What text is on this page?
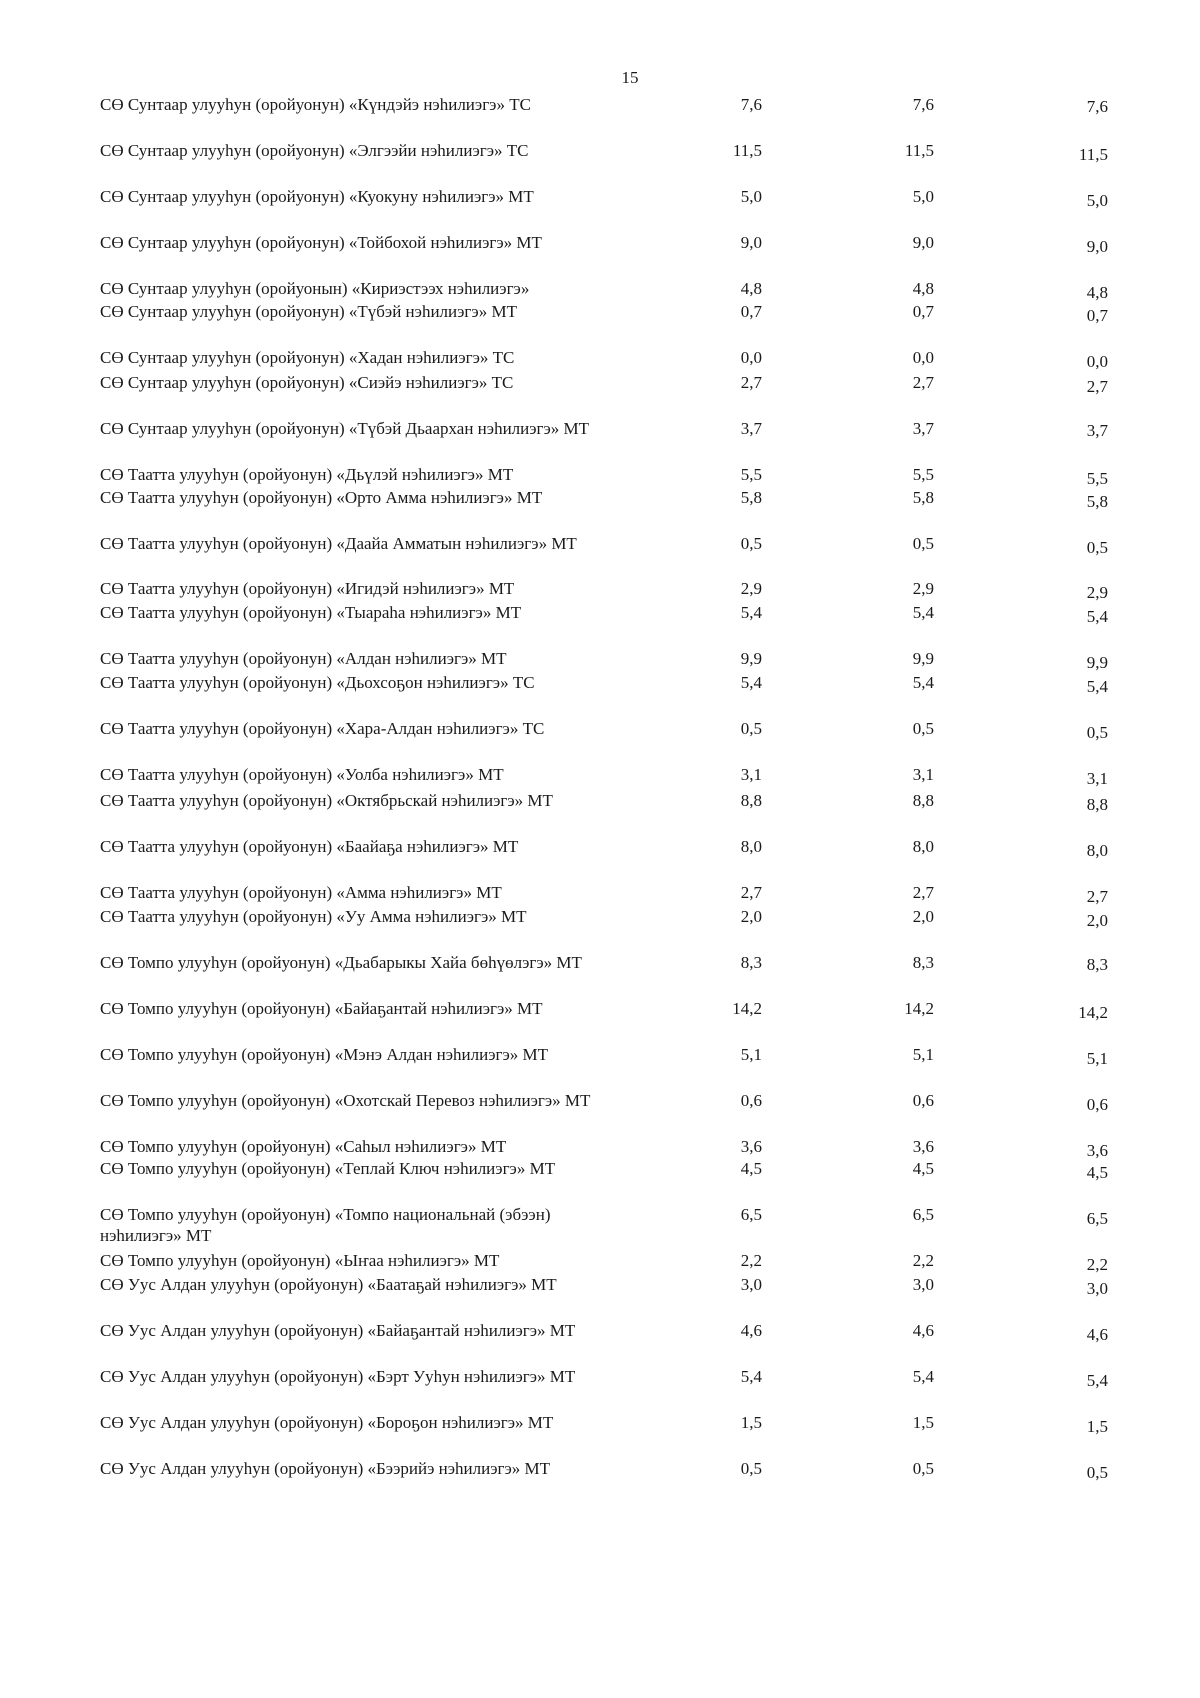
15
СӨ Сунтаар улууһун (оройуонун) «Күндэйэ нэһилиэгэ» ТС	7,6	7,6	7,6
СӨ Сунтаар улууһун (оройуонун) «Элгээйи нэһилиэгэ» ТС	11,5	11,5	11,5
СӨ Сунтаар улууһун (оройуонун) «Куокуну нэһилиэгэ» МТ	5,0	5,0	5,0
СӨ Сунтаар улууһун (оройуонун) «Тойбохой нэһилиэгэ» МТ	9,0	9,0	9,0
СӨ Сунтаар улууһун (оройуонын) «Кириэстээх нэһилиэгэ»	4,8	4,8	4,8
СӨ Сунтаар улууһун (оройуонун) «Түбэй нэһилиэгэ» МТ	0,7	0,7	0,7
СӨ Сунтаар улууһун (оройуонун) «Хадан нэһилиэгэ» ТС	0,0	0,0	0,0
СӨ Сунтаар улууһун (оройуонун) «Сиэйэ нэһилиэгэ» ТС	2,7	2,7	2,7
СӨ Сунтаар улууһун (оройуонун) «Түбэй Дьаархан нэһилиэгэ» МТ	3,7	3,7	3,7
СӨ Таатта улууһун (оройуонун) «Дьүлэй нэһилиэгэ» МТ	5,5	5,5	5,5
СӨ Таатта улууһун (оройуонун) «Орто Амма нэһилиэгэ» МТ	5,8	5,8	5,8
СӨ Таатта улууһун (оройуонун) «Даайа Амматын нэһилиэгэ» МТ	0,5	0,5	0,5
СӨ Таатта улууһун (оройуонун) «Игидэй нэһилиэгэ» МТ	2,9	2,9	2,9
СӨ Таатта улууһун (оройуонун) «Тыараһа нэһилиэгэ» МТ	5,4	5,4	5,4
СӨ Таатта улууһун (оройуонун) «Алдан нэһилиэгэ» МТ	9,9	9,9	9,9
СӨ Таатта улууһун (оройуонун) «Дьохсоҕон нэһилиэгэ» ТС	5,4	5,4	5,4
СӨ Таатта улууһун (оройуонун) «Хара-Алдан нэһилиэгэ» ТС	0,5	0,5	0,5
СӨ Таатта улууһун (оройуонун) «Уолба нэһилиэгэ» МТ	3,1	3,1	3,1
СӨ Таатта улууһун (оройуонун) «Октябрьскай нэһилиэгэ» МТ	8,8	8,8	8,8
СӨ Таатта улууһун (оройуонун) «Баайаҕа нэһилиэгэ» МТ	8,0	8,0	8,0
СӨ Таатта улууһун (оройуонун) «Амма нэһилиэгэ» МТ	2,7	2,7	2,7
СӨ Таатта улууһун (оройуонун) «Уу Амма нэһилиэгэ» МТ	2,0	2,0	2,0
СӨ Томпо улууһун (оройуонун) «Дьабарыкы Хайа бөһүөлэгэ» МТ	8,3	8,3	8,3
СӨ Томпо улууһун (оройуонун) «Байаҕантай нэһилиэгэ» МТ	14,2	14,2	14,2
СӨ Томпо улууһун (оройуонун) «Мэнэ Алдан нэһилиэгэ» МТ	5,1	5,1	5,1
СӨ Томпо улууһун (оройуонун) «Охотскай Перевоз нэһилиэгэ» МТ	0,6	0,6	0,6
СӨ Томпо улууһун (оройуонун) «Саһыл нэһилиэгэ» МТ	3,6	3,6	3,6
СӨ Томпо улууһун (оройуонун) «Теплай Ключ нэһилиэгэ» МТ	4,5	4,5	4,5
СӨ Томпо улууһун (оройуонун) «Томпо национальнай (эбээн) нэһилиэгэ» МТ
6,5	6,5	6,5
СӨ Томпо улууһун (оройуонун) «Ыҥаа нэһилиэгэ» МТ	2,2	2,2	2,2
СӨ Уус Алдан улууһун (оройуонун) «Баатаҕай нэһилиэгэ» МТ	3,0	3,0	3,0
СӨ Уус Алдан улууһун (оройуонун) «Байаҕантай нэһилиэгэ» МТ	4,6	4,6	4,6
СӨ Уус Алдан улууһун (оройуонун) «Бэрт Ууһун нэһилиэгэ» МТ	5,4	5,4	5,4
СӨ Уус Алдан улууһун (оройуонун) «Бороҕон нэһилиэгэ» МТ	1,5	1,5	1,5
СӨ Уус Алдан улууһун (оройуонун) «Бээрийэ нэһилиэгэ» МТ	0,5	0,5	0,5
